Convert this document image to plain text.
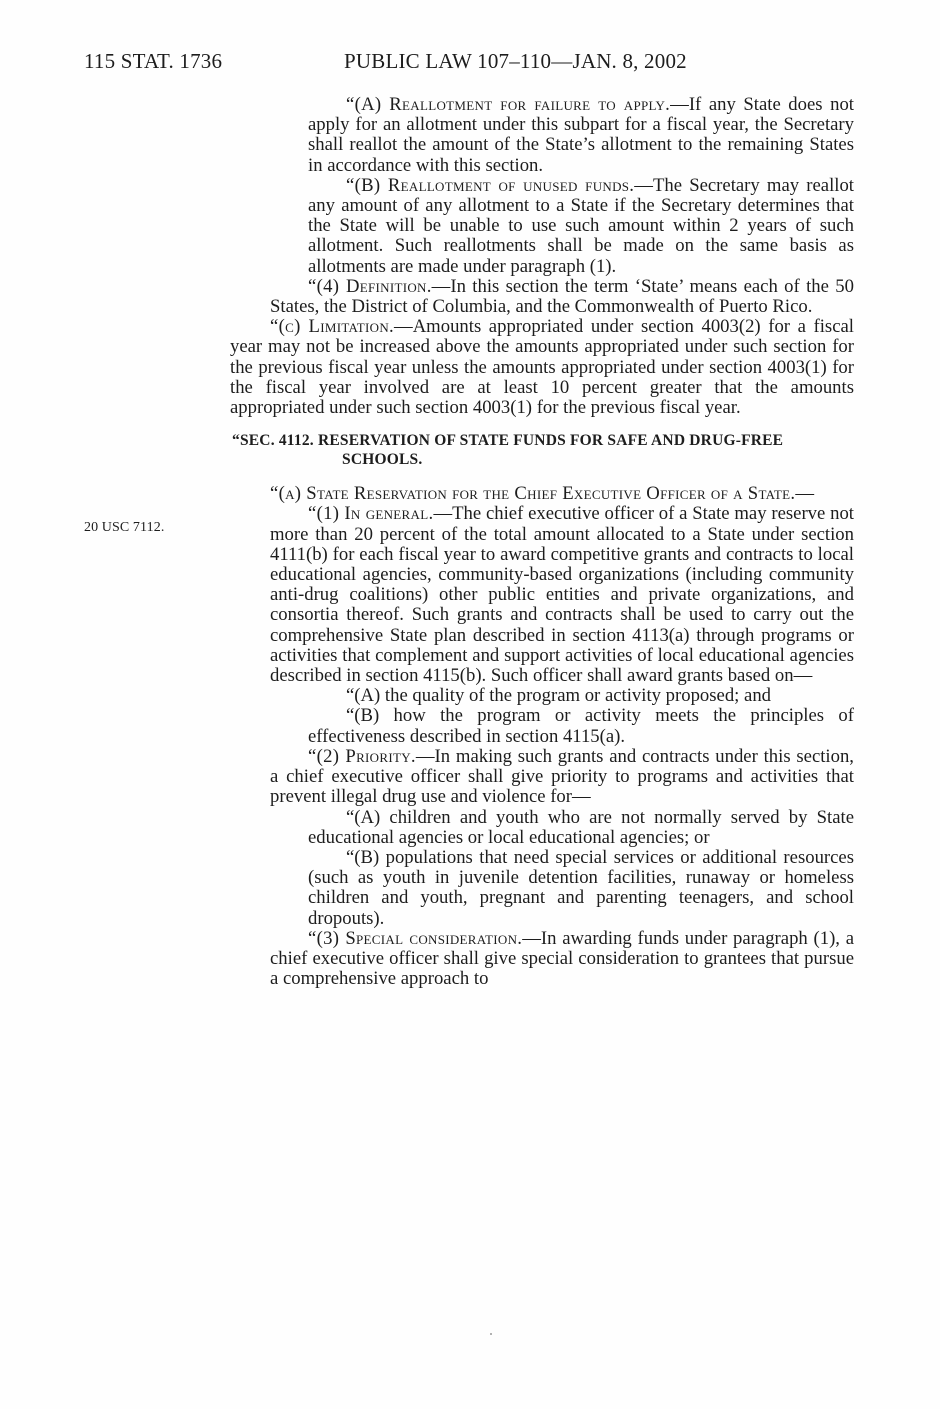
115 STAT. 1736	PUBLIC LAW 107–110—JAN. 8, 2002
20 USC 7112.

“(A) Reallotment for failure to apply.—If any State does not apply for an allotment under this subpart for a fiscal year, the Secretary shall reallot the amount of the State’s allotment to the remaining States in accordance with this section.

“(B) Reallotment of unused funds.—The Secretary may reallot any amount of any allotment to a State if the Secretary determines that the State will be unable to use such amount within 2 years of such allotment. Such reallotments shall be made on the same basis as allotments are made under paragraph (1).

“(4) Definition.—In this section the term ‘State’ means each of the 50 States, the District of Columbia, and the Commonwealth of Puerto Rico.

“(c) Limitation.—Amounts appropriated under section 4003(2) for a fiscal year may not be increased above the amounts appropriated under such section for the previous fiscal year unless the amounts appropriated under section 4003(1) for the fiscal year involved are at least 10 percent greater that the amounts appropriated under such section 4003(1) for the previous fiscal year.

“SEC. 4112. RESERVATION OF STATE FUNDS FOR SAFE AND DRUG-FREE SCHOOLS.

“(a) State Reservation for the Chief Executive Officer of a State.—

“(1) In general.—The chief executive officer of a State may reserve not more than 20 percent of the total amount allocated to a State under section 4111(b) for each fiscal year to award competitive grants and contracts to local educational agencies, community-based organizations (including community anti-drug coalitions) other public entities and private organizations, and consortia thereof. Such grants and contracts shall be used to carry out the comprehensive State plan described in section 4113(a) through programs or activities that complement and support activities of local educational agencies described in section 4115(b). Such officer shall award grants based on—

“(A) the quality of the program or activity proposed; and

“(B) how the program or activity meets the principles of effectiveness described in section 4115(a).

“(2) Priority.—In making such grants and contracts under this section, a chief executive officer shall give priority to programs and activities that prevent illegal drug use and violence for—

“(A) children and youth who are not normally served by State educational agencies or local educational agencies; or

“(B) populations that need special services or additional resources (such as youth in juvenile detention facilities, runaway or homeless children and youth, pregnant and parenting teenagers, and school dropouts).

“(3) Special consideration.—In awarding funds under paragraph (1), a chief executive officer shall give special consideration to grantees that pursue a comprehensive approach to
